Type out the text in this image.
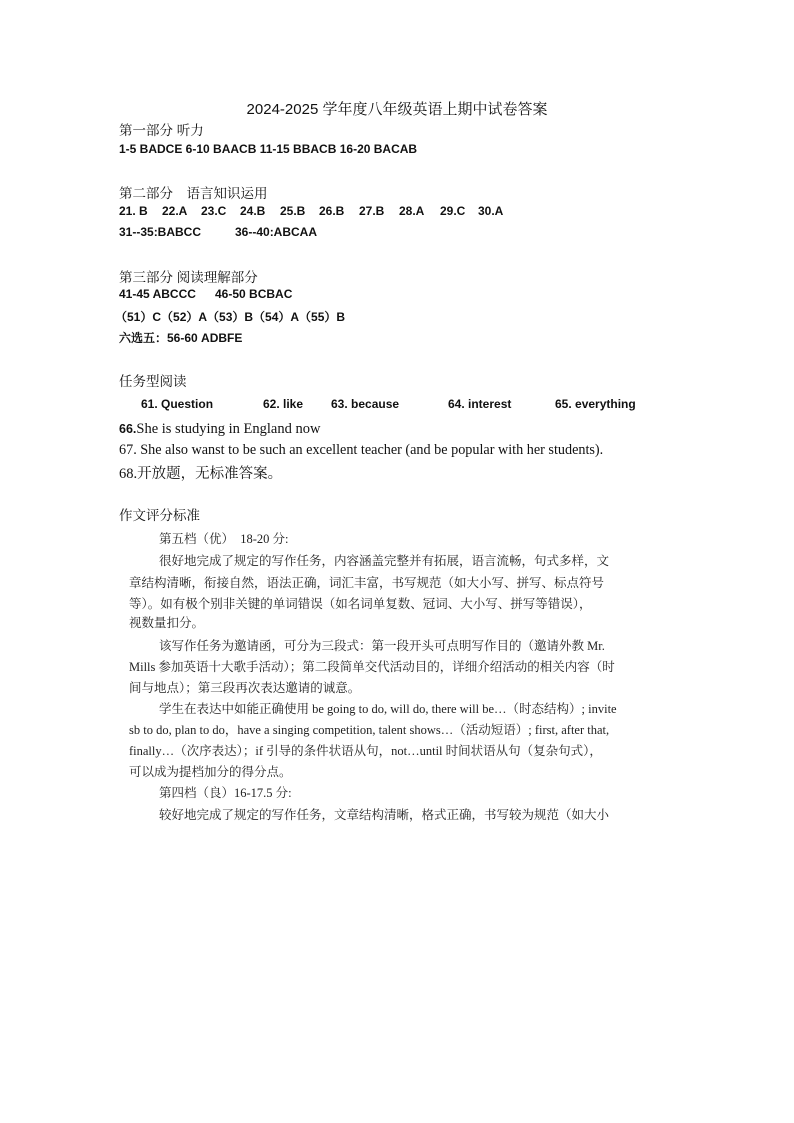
2024-2025 学年度八年级英语上期中试卷答案
第一部分 听力
1-5 BADCE 6-10 BAACB 11-15 BBACB 16-20 BACAB
第二部分　语言知识运用
21. B 22.A 23.C 24.B 25.B 26.B 27.B 28.A 29.C 30.A
31--35:BABCC	36--40:ABCAA
第三部分 阅读理解部分
41-45 ABCCC 46-50 BCBAC
（51）C（52）A（53）B（54）A（55）B
六选五：56-60 ADBFE
任务型阅读
61. Question	62. like 63. because	64. interest	65. everything
66.She is studying in England now
67. She also wanst to be such an excellent teacher (and be popular with her students).
68.开放题，无标准答案。
作文评分标准
第五档（优）　18-20 分:
很好地完成了规定的写作任务，内容涵盖完整并有拓展，语言流畅，句式多样，文
章结构清晰，衔接自然，语法正确，词汇丰富，书写规范（如大小写、拼写、标点符号
等）。如有极个别非关键的单词错误（如名词单复数、冠词、大小写、拼写等错误），
视数量扣分。
该写作任务为邀请函，可分为三段式：第一段开头可点明写作目的（邀请外教 Mr.
Mills 参加英语十大歌手活动）；第二段简单交代活动目的，详细介绍活动的相关内容（时
间与地点）；第三段再次表达邀请的诚意。
学生在表达中如能正确使用 be going to do, will do, there will be…（时态结构）; invite
sb to do, plan to do，have a singing competition, talent shows…（活动短语）; first, after that,
finally…（次序表达）；if 引导的条件状语从句，not…until 时间状语从句（复杂句式），
可以成为提档加分的得分点。
第四档（良）16-17.5 分:
较好地完成了规定的写作任务，文章结构清晰，格式正确，书写较为规范（如大小
